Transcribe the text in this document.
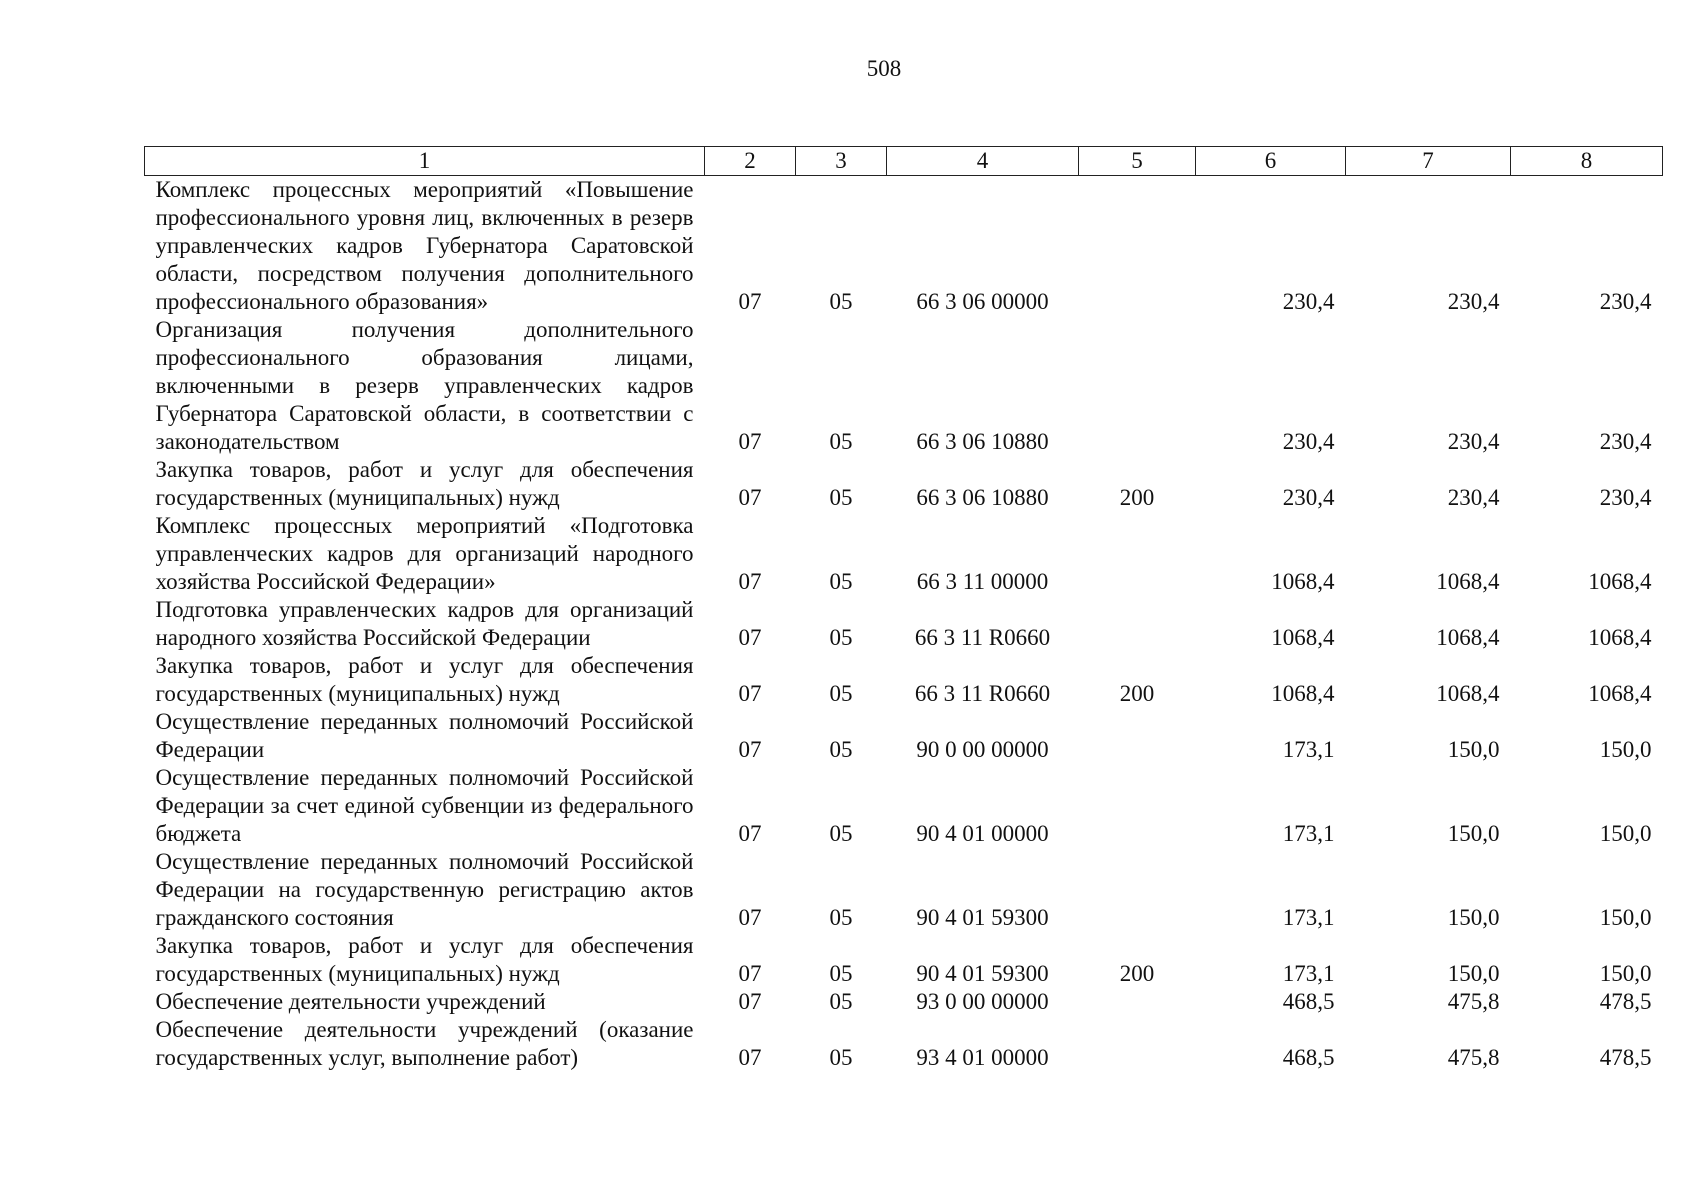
508
1	2	3	4	5	6	7	8
Комплекс процессных мероприятий «Повышение профессионального уровня лиц, включенных в резерв управленческих кадров Губернатора Саратовской области, посредством получения дополнительного профессионального образования»	07	05	66 3 06 00000		230,4	230,4	230,4
Организация получения дополнительного профессионального образования лицами, включенными в резерв управленческих кадров Губернатора Саратовской области, в соответствии с законодательством	07	05	66 3 06 10880		230,4	230,4	230,4
Закупка товаров, работ и услуг для обеспечения государственных (муниципальных) нужд	07	05	66 3 06 10880	200	230,4	230,4	230,4
Комплекс процессных мероприятий «Подготовка управленческих кадров для организаций народного хозяйства Российской Федерации»	07	05	66 3 11 00000		1068,4	1068,4	1068,4
Подготовка управленческих кадров для организаций народного хозяйства Российской Федерации	07	05	66 3 11 R0660		1068,4	1068,4	1068,4
Закупка товаров, работ и услуг для обеспечения государственных (муниципальных) нужд	07	05	66 3 11 R0660	200	1068,4	1068,4	1068,4
Осуществление переданных полномочий Российской Федерации	07	05	90 0 00 00000		173,1	150,0	150,0
Осуществление переданных полномочий Российской Федерации за счет единой субвенции из федерального бюджета	07	05	90 4 01 00000		173,1	150,0	150,0
Осуществление переданных полномочий Российской Федерации на государственную регистрацию актов гражданского состояния	07	05	90 4 01 59300		173,1	150,0	150,0
Закупка товаров, работ и услуг для обеспечения государственных (муниципальных) нужд	07	05	90 4 01 59300	200	173,1	150,0	150,0
Обеспечение деятельности учреждений	07	05	93 0 00 00000		468,5	475,8	478,5
Обеспечение деятельности учреждений (оказание государственных услуг, выполнение работ)	07	05	93 4 01 00000		468,5	475,8	478,5
